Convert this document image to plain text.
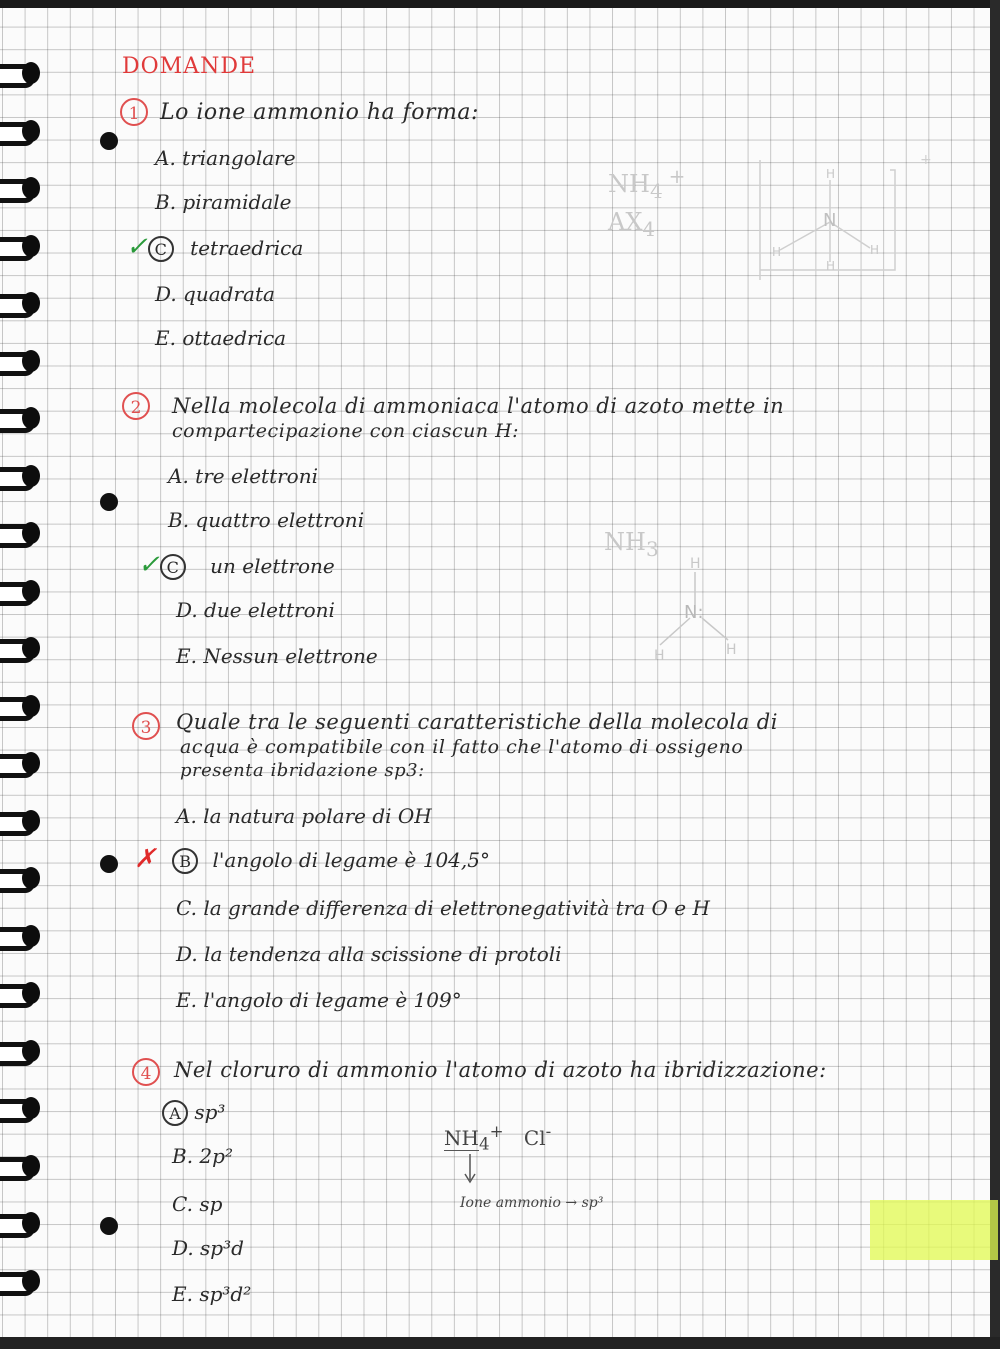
DOMANDE
1 Lo ione ammonio ha forma:
A. triangolare
B. piramidale
✓ C tetraedrica
D. quadrata
E. ottaedrica
$NH_4^+$
$AX_4$	N
H
H	H
H
+
2	Nella molecola di ammoniaca l'atomo di azoto mette in
compartecipazione con ciascun H:
A. tre elettroni
B. quattro elettroni
✓ C un elettrone
D. due elettroni
E. Nessun elettrone
$NH_3$
N:
H
H	H
3	Quale tra le seguenti caratteristiche della molecola di
acqua è compatibile con il fatto che l'atomo di ossigeno
presenta ibridazione sp3:
A. la natura polare di OH
✗ B l'angolo di legame è 104,5°
C. la grande differenza di elettronegatività tra O e H
D. la tendenza alla scissione di protoli
E. l'angolo di legame è 109°
4	Nel cloruro di ammonio l'atomo di azoto ha ibridizzazione:
A sp³
B. 2p²
C. sp
D. sp³d
E. sp³d²
$NH_4^+$ Cl-
Ione ammonio → sp³
